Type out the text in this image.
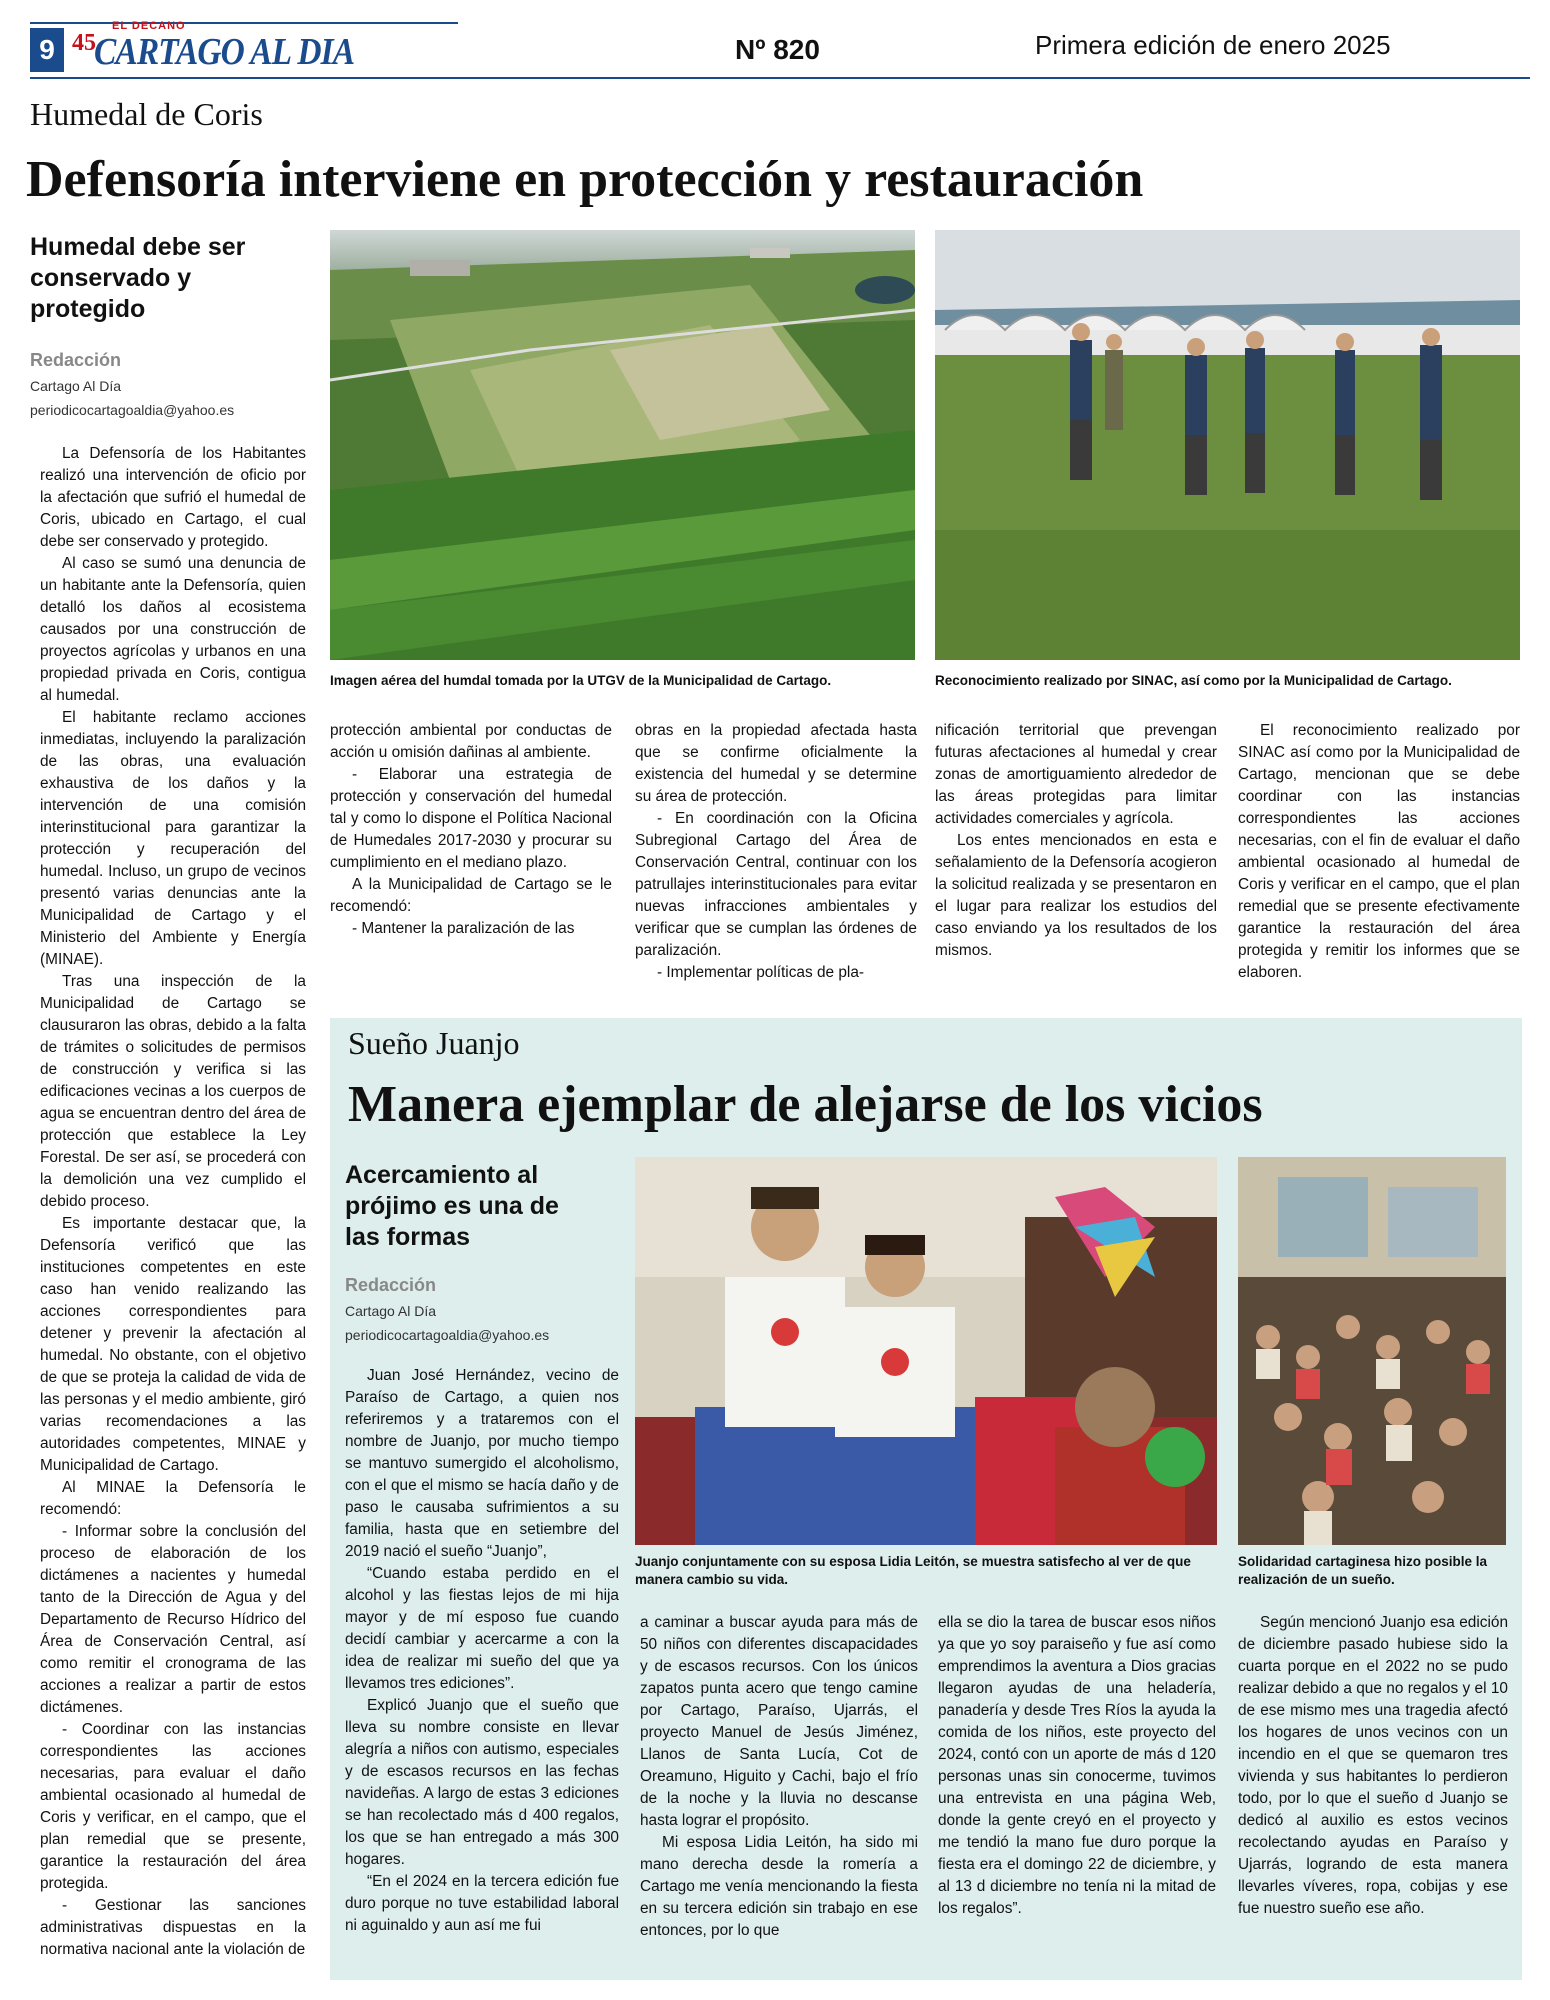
9
EL DECANO
45
CARTAGO AL DIA	Nº 820	Primera edición de enero 2025
Humedal de Coris
Defensoría interviene en protección y restauración
Humedal debe ser conservado y protegido
Redacción
Cartago Al Día
periodicocartagoaldia@yahoo.es
Imagen aérea del humdal tomada por la UTGV de la Municipalidad de Cartago.	Reconocimiento realizado por SINAC, así como por la Municipalidad de Cartago.

La Defensoría de los Habitantes realizó una intervención de oficio por la afectación que sufrió el humedal de Coris, ubicado en Cartago, el cual debe ser conservado y protegido.

Al caso se sumó una denuncia de un habitante ante la Defensoría, quien detalló los daños al ecosistema causados por una construcción de proyectos agrícolas y urbanos en una propiedad privada en Coris, contigua al humedal.

El habitante reclamo acciones inmediatas, incluyendo la paralización de las obras, una evaluación exhaustiva de los daños y la intervención de una comisión interinstitucional para garantizar la protección y recuperación del humedal. Incluso, un grupo de vecinos presentó varias denuncias ante la Municipalidad de Cartago y el Ministerio del Ambiente y Energía (MINAE).

Tras una inspección de la Municipalidad de Cartago se clausuraron las obras, debido a la falta de trámites o solicitudes de permisos de construcción y verifica si las edificaciones vecinas a los cuerpos de agua se encuentran dentro del área de protección que establece la Ley Forestal. De ser así, se procederá con la demolición una vez cumplido el debido proceso.

Es importante destacar que, la Defensoría verificó que las instituciones competentes en este caso han venido realizando las acciones correspondientes para detener y prevenir la afectación al humedal. No obstante, con el objetivo de que se proteja la calidad de vida de las personas y el medio ambiente, giró varias recomendaciones a las autoridades competentes, MINAE y Municipalidad de Cartago.

Al MINAE la Defensoría le recomendó:

- Informar sobre la conclusión del proceso de elaboración de los dictámenes a nacientes y humedal tanto de la Dirección de Agua y del Departamento de Recurso Hídrico del Área de Conservación Central, así como remitir el cronograma de las acciones a realizar a partir de estos dictámenes.

- Coordinar con las instancias correspondientes las acciones necesarias, para evaluar el daño ambiental ocasionado al humedal de Coris y verificar, en el campo, que el plan remedial que se presente, garantice la restauración del área protegida.

- Gestionar las sanciones administrativas dispuestas en la normativa nacional ante la violación de

protección ambiental por conductas de acción u omisión dañinas al ambiente.

- Elaborar una estrategia de protección y conservación del humedal tal y como lo dispone el Política Nacional de Humedales 2017-2030 y procurar su cumplimiento en el mediano plazo.

A la Municipalidad de Cartago se le recomendó:

- Mantener la paralización de las

obras en la propiedad afectada hasta que se confirme oficialmente la existencia del humedal y se determine su área de protección.

- En coordinación con la Oficina Subregional Cartago del Área de Conservación Central, continuar con los patrullajes interinstitucionales para evitar nuevas infracciones ambientales y verificar que se cumplan las órdenes de paralización.

- Implementar políticas de pla-

nificación territorial que prevengan futuras afectaciones al humedal y crear zonas de amortiguamiento alrededor de las áreas protegidas para limitar actividades comerciales y agrícola.

Los entes mencionados en esta e señalamiento de la Defensoría acogieron la solicitud realizada y se presentaron en el lugar para realizar los estudios del caso enviando ya los resultados de los mismos.

El reconocimiento realizado por SINAC así como por la Municipalidad de Cartago, mencionan que se debe coordinar con las instancias correspondientes las acciones necesarias, con el fin de evaluar el daño ambiental ocasionado al humedal de Coris y verificar en el campo, que el plan remedial que se presente efectivamente garantice la restauración del área protegida y remitir los informes que se elaboren.

Sueño Juanjo
Manera ejemplar de alejarse de los vicios
Acercamiento al prójimo es una de las formas
Redacción
Cartago Al Día
periodicocartagoaldia@yahoo.es
Juanjo conjuntamente con su esposa Lidia Leitón, se muestra satisfecho al ver de que manera cambio su vida.
Solidaridad cartaginesa hizo posible la realización de un sueño.

Juan José Hernández, vecino de Paraíso de Cartago, a quien nos referiremos y a trataremos con el nombre de Juanjo, por mucho tiempo se mantuvo sumergido el alcoholismo, con el que el mismo se hacía daño y de paso le causaba sufrimientos a su familia, hasta que en setiembre del 2019 nació el sueño “Juanjo”,

“Cuando estaba perdido en el alcohol y las fiestas lejos de mi hija mayor y de mí esposo fue cuando decidí cambiar y acercarme a con la idea de realizar mi sueño del que ya llevamos tres ediciones”.

Explicó Juanjo que el sueño que lleva su nombre consiste en llevar alegría a niños con autismo, especiales y de escasos recursos en las fechas navideñas. A largo de estas 3 ediciones se han recolectado más d 400 regalos, los que se han entregado a más 300 hogares.

“En el 2024 en la tercera edición fue duro porque no tuve estabilidad laboral ni aguinaldo y aun así me fui

a caminar a buscar ayuda para más de 50 niños con diferentes discapacidades y de escasos recursos. Con los únicos zapatos punta acero que tengo camine por Cartago, Paraíso, Ujarrás, el proyecto Manuel de Jesús Jiménez, Llanos de Santa Lucía, Cot de Oreamuno, Higuito y Cachi, bajo el frío de la noche y la lluvia no descanse hasta lograr el propósito.

Mi esposa Lidia Leitón, ha sido mi mano derecha desde la romería a Cartago me venía mencionando la fiesta en su tercera edición sin trabajo en ese entonces, por lo que

ella se dio la tarea de buscar esos niños ya que yo soy paraiseño y fue así como emprendimos la aventura a Dios gracias llegaron ayudas de una heladería, panadería y desde Tres Ríos la ayuda la comida de los niños, este proyecto del 2024, contó con un aporte de más d 120 personas unas sin conocerme, tuvimos una entrevista en una página Web, donde la gente creyó en el proyecto y me tendió la mano fue duro porque la fiesta era el domingo 22 de diciembre, y al 13 d diciembre no tenía ni la mitad de los regalos”.

Según mencionó Juanjo esa edición de diciembre pasado hubiese sido la cuarta porque en el 2022 no se pudo realizar debido a que no regalos y el 10 de ese mismo mes una tragedia afectó los hogares de unos vecinos con un incendio en el que se quemaron tres vivienda y sus habitantes lo perdieron todo, por lo que el sueño d Juanjo se dedicó al auxilio es estos vecinos recolectando ayudas en Paraíso y Ujarrás, logrando de esta manera llevarles víveres, ropa, cobijas y ese fue nuestro sueño ese año.
